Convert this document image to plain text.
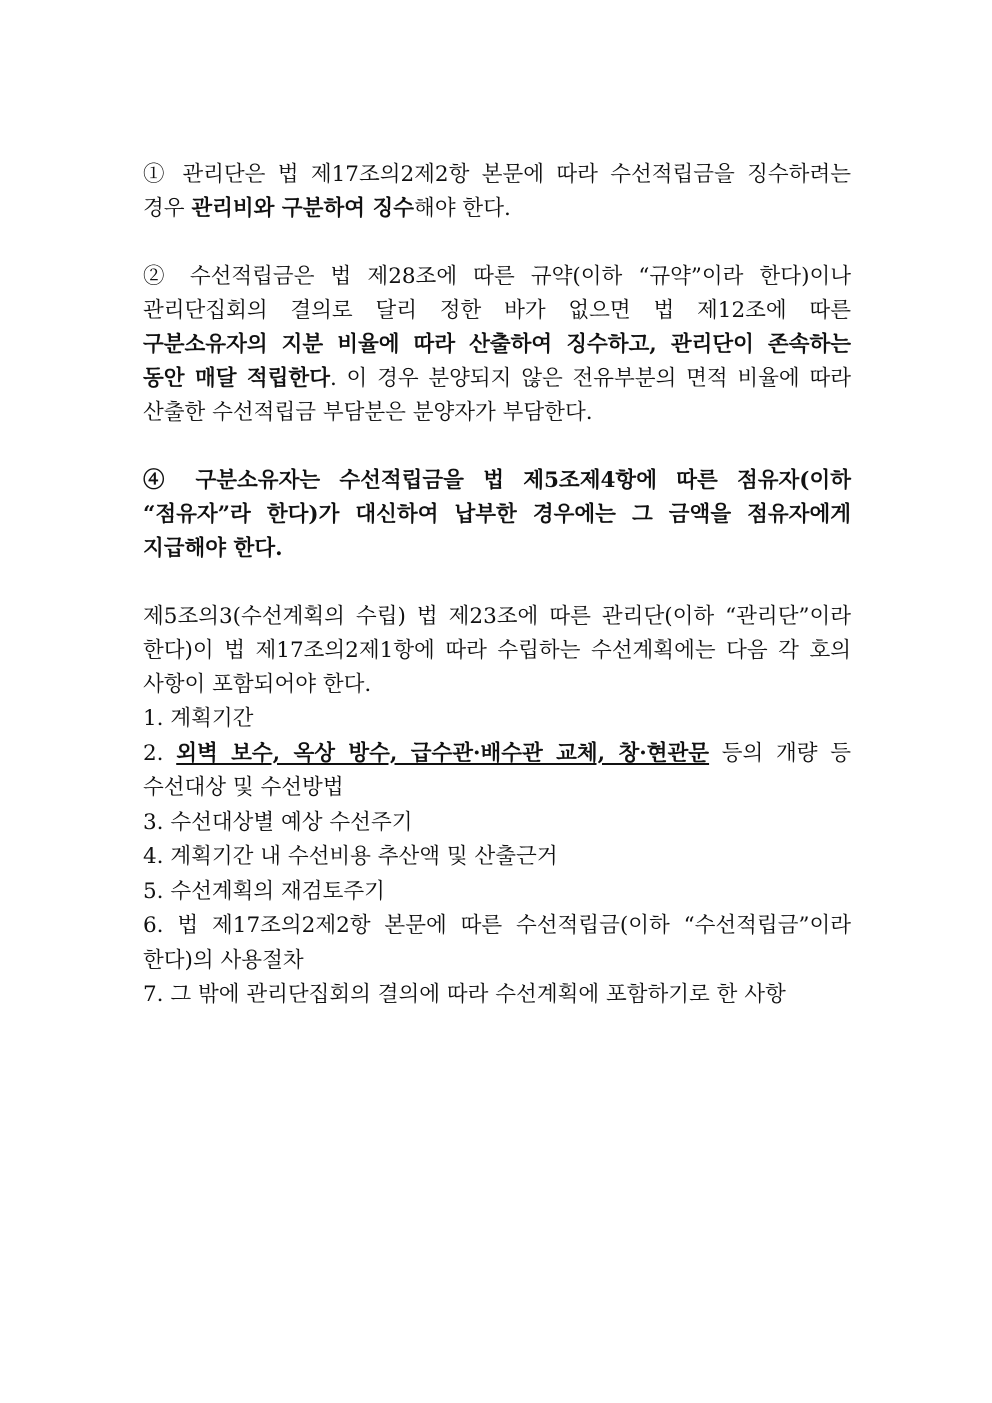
① 관리단은 법 제17조의2제2항 본문에 따라 수선적립금을 징수하려는 경우 관리비와 구분하여 징수해야 한다.

② 수선적립금은 법 제28조에 따른 규약(이하 “규약”이라 한다)이나 관리단집회의 결의로 달리 정한 바가 없으면 법 제12조에 따른 구분소유자의 지분 비율에 따라 산출하여 징수하고, 관리단이 존속하는 동안 매달 적립한다. 이 경우 분양되지 않은 전유부분의 면적 비율에 따라 산출한 수선적립금 부담분은 분양자가 부담한다.

④ 구분소유자는 수선적립금을 법 제5조제4항에 따른 점유자(이하 “점유자”라 한다)가 대신하여 납부한 경우에는 그 금액을 점유자에게 지급해야 한다.

제5조의3(수선계획의 수립) 법 제23조에 따른 관리단(이하 “관리단”이라 한다)이 법 제17조의2제1항에 따라 수립하는 수선계획에는 다음 각 호의 사항이 포함되어야 한다.

1. 계획기간
2. 외벽 보수, 옥상 방수, 급수관·배수관 교체, 창·현관문 등의 개량 등 수선대상 및 수선방법
3. 수선대상별 예상 수선주기
4. 계획기간 내 수선비용 추산액 및 산출근거
5. 수선계획의 재검토주기
6. 법 제17조의2제2항 본문에 따른 수선적립금(이하 “수선적립금”이라 한다)의 사용절차
7. 그 밖에 관리단집회의 결의에 따라 수선계획에 포함하기로 한 사항
